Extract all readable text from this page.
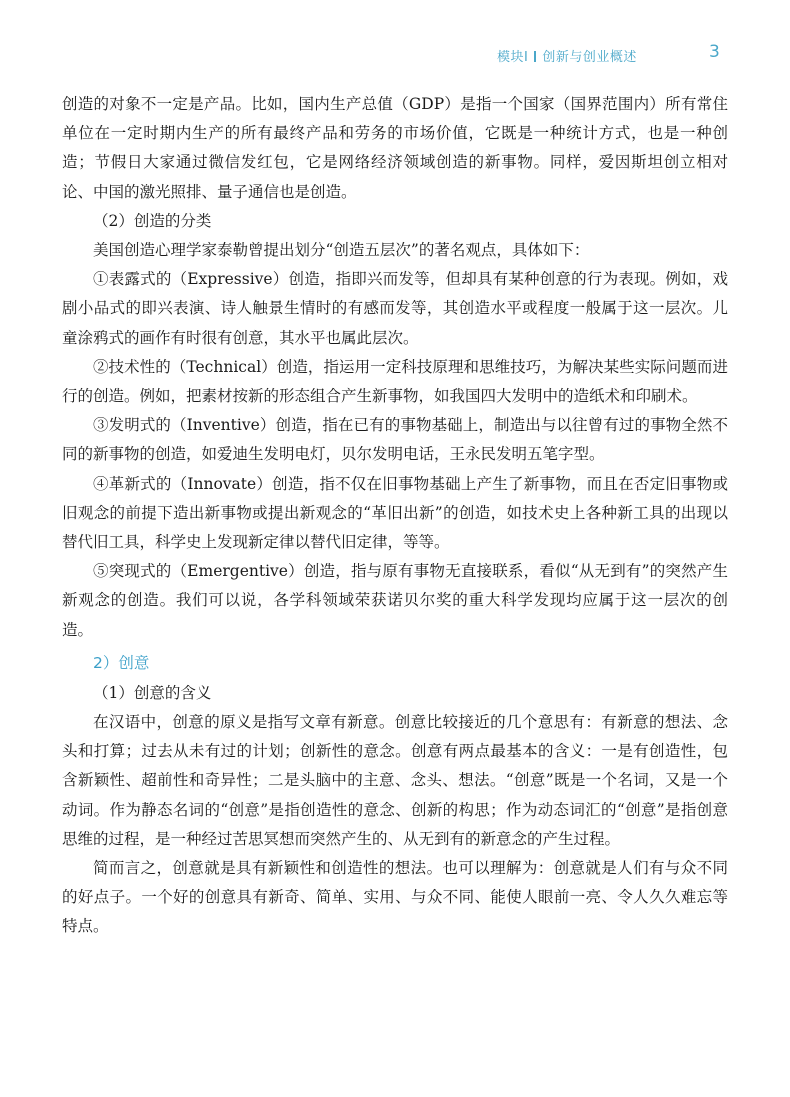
模块Ⅰ 创新与创业概述	3

创造的对象不一定是产品。比如，国内生产总值（GDP）是指一个国家（国界范围内）所有常住单位在一定时期内生产的所有最终产品和劳务的市场价值，它既是一种统计方式，也是一种创造；节假日大家通过微信发红包，它是网络经济领域创造的新事物。同样，爱因斯坦创立相对论、中国的激光照排、量子通信也是创造。

（2）创造的分类

美国创造心理学家泰勒曾提出划分“创造五层次”的著名观点，具体如下：

①表露式的（Expressive）创造，指即兴而发等，但却具有某种创意的行为表现。例如，戏剧小品式的即兴表演、诗人触景生情时的有感而发等，其创造水平或程度一般属于这一层次。儿童涂鸦式的画作有时很有创意，其水平也属此层次。

②技术性的（Technical）创造，指运用一定科技原理和思维技巧，为解决某些实际问题而进行的创造。例如，把素材按新的形态组合产生新事物，如我国四大发明中的造纸术和印刷术。

③发明式的（Inventive）创造，指在已有的事物基础上，制造出与以往曾有过的事物全然不同的新事物的创造，如爱迪生发明电灯，贝尔发明电话，王永民发明五笔字型。

④革新式的（Innovate）创造，指不仅在旧事物基础上产生了新事物，而且在否定旧事物或旧观念的前提下造出新事物或提出新观念的“革旧出新”的创造，如技术史上各种新工具的出现以替代旧工具，科学史上发现新定律以替代旧定律，等等。

⑤突现式的（Emergentive）创造，指与原有事物无直接联系，看似“从无到有”的突然产生新观念的创造。我们可以说，各学科领域荣获诺贝尔奖的重大科学发现均应属于这一层次的创造。

2）创意

（1）创意的含义

在汉语中，创意的原义是指写文章有新意。创意比较接近的几个意思有：有新意的想法、念头和打算；过去从未有过的计划；创新性的意念。创意有两点最基本的含义：一是有创造性，包含新颖性、超前性和奇异性；二是头脑中的主意、念头、想法。“创意”既是一个名词，又是一个动词。作为静态名词的“创意”是指创造性的意念、创新的构思；作为动态词汇的“创意”是指创意思维的过程，是一种经过苦思冥想而突然产生的、从无到有的新意念的产生过程。

简而言之，创意就是具有新颖性和创造性的想法。也可以理解为：创意就是人们有与众不同的好点子。一个好的创意具有新奇、简单、实用、与众不同、能使人眼前一亮、令人久久难忘等特点。
